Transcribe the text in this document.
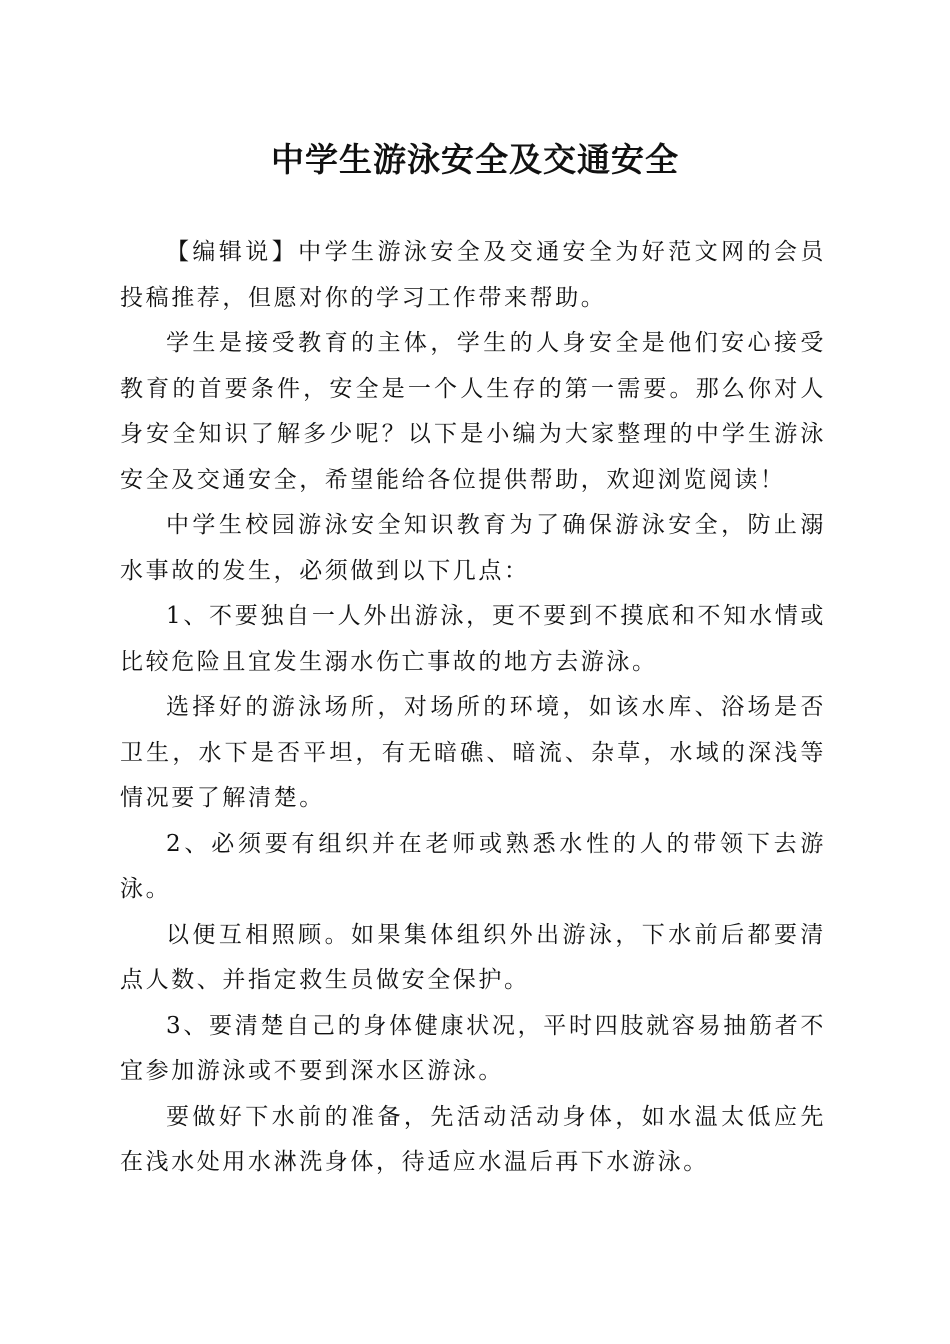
中学生游泳安全及交通安全

【编辑说】中学生游泳安全及交通安全为好范文网的会员投稿推荐，但愿对你的学习工作带来帮助。

学生是接受教育的主体，学生的人身安全是他们安心接受教育的首要条件，安全是一个人生存的第一需要。那么你对人身安全知识了解多少呢？以下是小编为大家整理的中学生游泳安全及交通安全，希望能给各位提供帮助，欢迎浏览阅读！

中学生校园游泳安全知识教育为了确保游泳安全，防止溺水事故的发生，必须做到以下几点：

1、不要独自一人外出游泳，更不要到不摸底和不知水情或比较危险且宜发生溺水伤亡事故的地方去游泳。

选择好的游泳场所，对场所的环境，如该水库、浴场是否卫生，水下是否平坦，有无暗礁、暗流、杂草，水域的深浅等情况要了解清楚。

2、必须要有组织并在老师或熟悉水性的人的带领下去游泳。

以便互相照顾。如果集体组织外出游泳，下水前后都要清点人数、并指定救生员做安全保护。

3、要清楚自己的身体健康状况，平时四肢就容易抽筋者不宜参加游泳或不要到深水区游泳。

要做好下水前的准备，先活动活动身体，如水温太低应先在浅水处用水淋洗身体，待适应水温后再下水游泳。
